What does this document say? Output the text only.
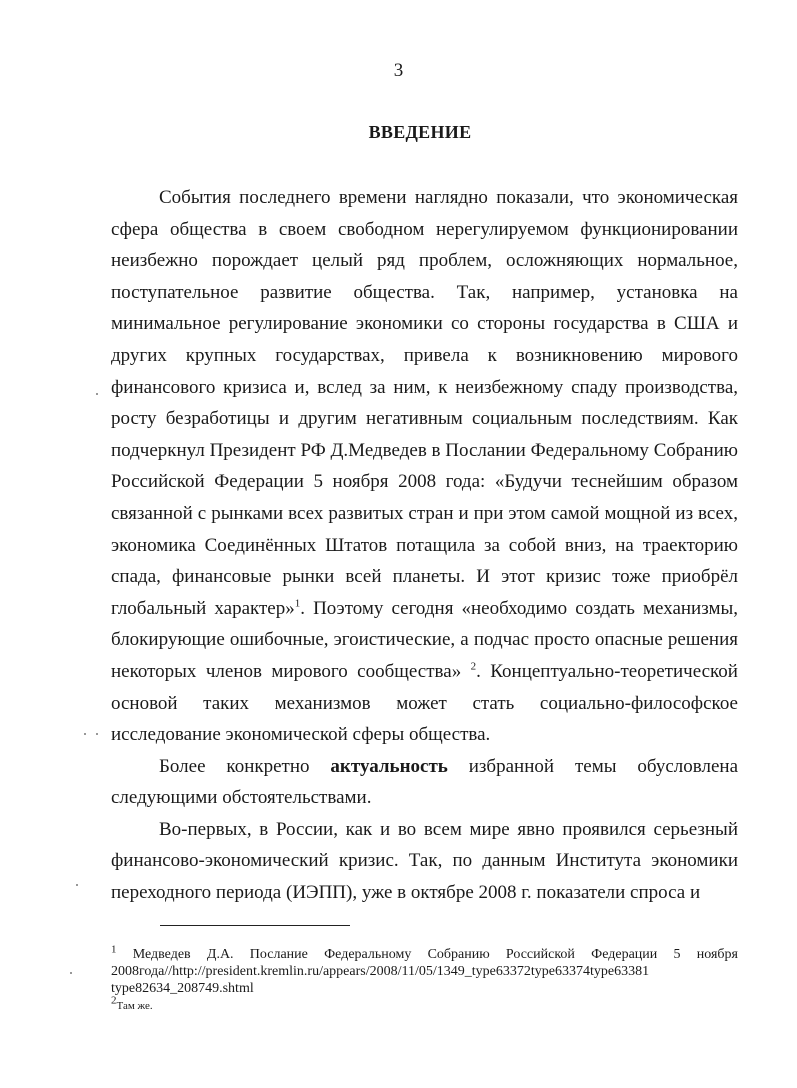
3
ВВЕДЕНИЕ

События последнего времени наглядно показали, что экономическая сфера общества в своем свободном нерегулируемом функционировании неизбежно порождает целый ряд проблем, осложняющих нормальное, поступательное развитие общества. Так, например, установка на минимальное регулирование экономики со стороны государства в США и других крупных государствах, привела к возникновению мирового финансового кризиса и, вслед за ним, к неизбежному спаду производства, росту безработицы и другим негативным социальным последствиям. Как подчеркнул Президент РФ Д.Медведев в Послании Федеральному Собранию Российской Федерации 5 ноября 2008 года: «Будучи теснейшим образом связанной с рынками всех развитых стран и при этом самой мощной из всех, экономика Соединённых Штатов потащила за собой вниз, на траекторию спада, финансовые рынки всей планеты. И этот кризис тоже приобрёл глобальный характер»$^1$. Поэтому сегодня «необходимо создать механизмы, блокирующие ошибочные, эгоистические, а подчас просто опасные решения некоторых членов мирового сообщества» $^2$. Концептуально-теоретической основой таких механизмов может стать социально-философское исследование экономической сферы общества.

Более конкретно актуальность избранной темы обусловлена следующими обстоятельствами.

Во-первых, в России, как и во всем мире явно проявился серьезный финансово-экономический кризис. Так, по данным Института экономики переходного периода (ИЭПП), уже в октябре 2008 г. показатели спроса и

$^1$ Медведев Д.А. Послание Федеральному Собранию Российской Федерации 5 ноября 2008года//http://president.kremlin.ru/appears/2008/11/05/1349_type63372type63374type63381 type82634_208749.shtml
$^2$Там же.
